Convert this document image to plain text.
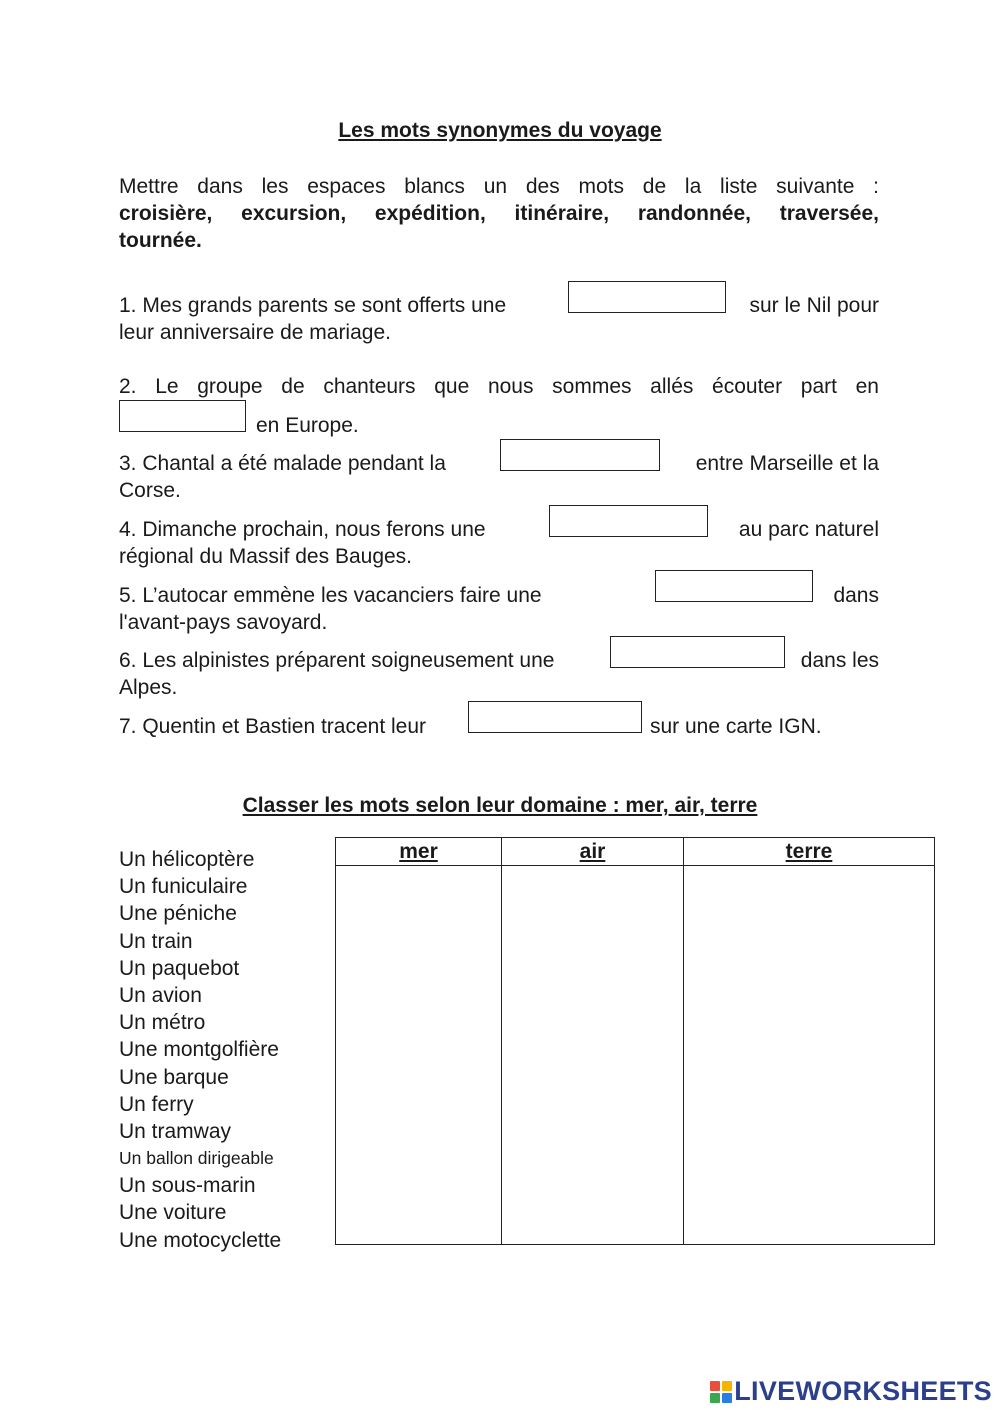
Les mots synonymes du voyage
Mettre dans les espaces blancs un des mots de la liste suivante :
croisière, excursion, expédition, itinéraire, randonnée, traversée,
tournée.
1. Mes grands parents se sont offerts une	sur le Nil pour
leur anniversaire de mariage.
2. Le groupe de chanteurs que nous sommes allés écouter part en
en Europe.
3. Chantal a été malade pendant la	entre Marseille et la
Corse.
4. Dimanche prochain, nous ferons une	au parc naturel
régional du Massif des Bauges.
5. L’autocar emmène les vacanciers faire une	dans
l'avant-pays savoyard.
6. Les alpinistes préparent soigneusement une	dans les
Alpes.
7. Quentin et Bastien tracent leur	sur une carte IGN.
Classer les mots selon leur domaine : mer, air, terre
Un hélicoptère
Un funiculaire
Une péniche
Un train
Un paquebot
Un avion
Un métro
Une montgolfière
Une barque
Un ferry
Un tramway
Un ballon dirigeable
Un sous-marin
Une voiture
Une motocyclette
mer	air	terre

LIVEWORKSHEETS
